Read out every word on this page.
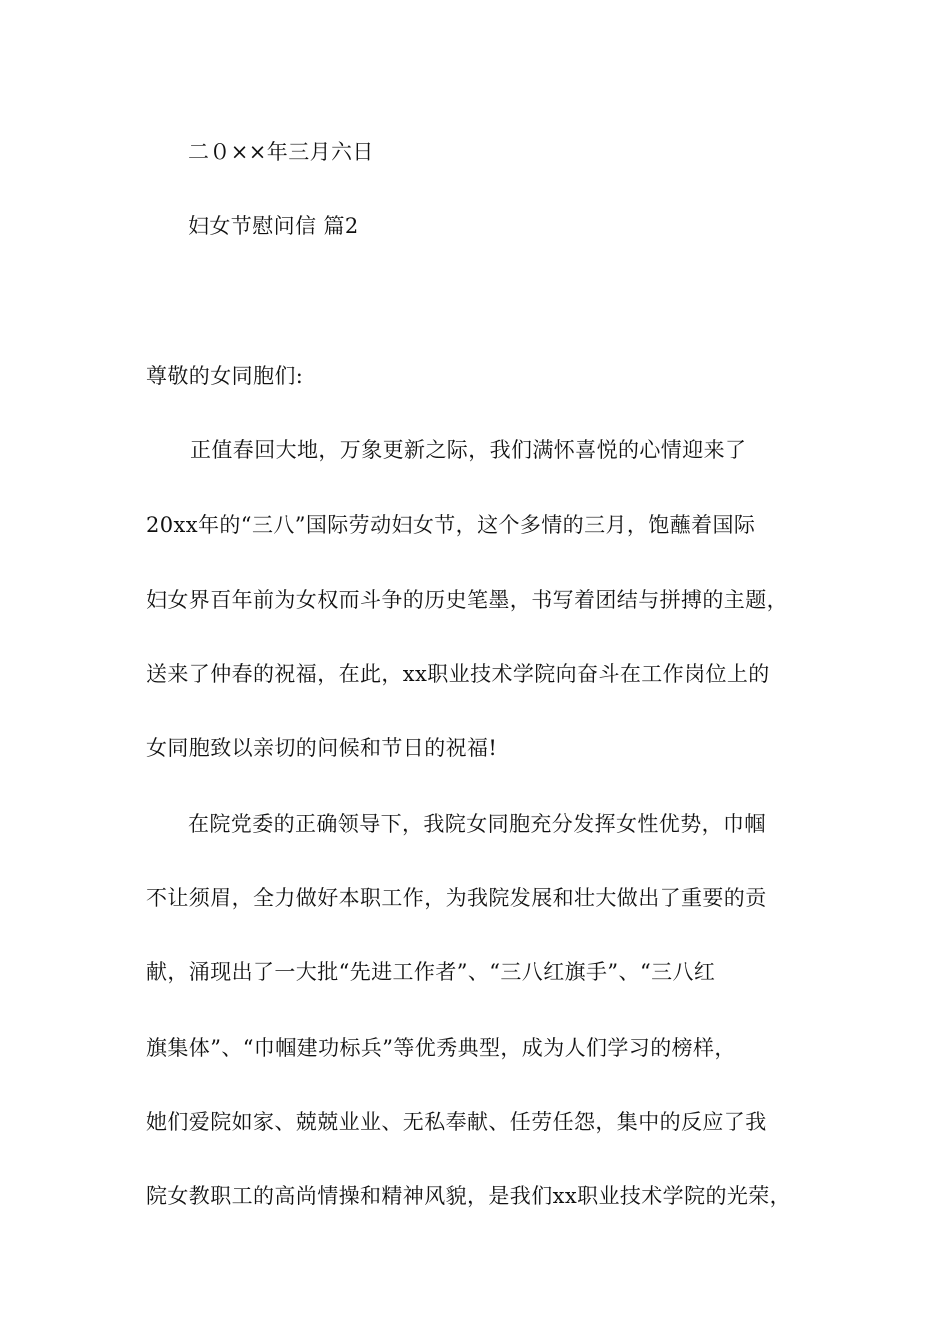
二０××年三月六日
妇女节慰问信 篇2
尊敬的女同胞们:
正值春回大地，万象更新之际，我们满怀喜悦的心情迎来了
20xx年的“三八”国际劳动妇女节，这个多情的三月，饱蘸着国际
妇女界百年前为女权而斗争的历史笔墨，书写着团结与拼搏的主题，
送来了仲春的祝福，在此，xx职业技术学院向奋斗在工作岗位上的
女同胞致以亲切的问候和节日的祝福!
在院党委的正确领导下，我院女同胞充分发挥女性优势，巾帼
不让须眉，全力做好本职工作，为我院发展和壮大做出了重要的贡
献，涌现出了一大批“先进工作者”、“三八红旗手”、“三八红
旗集体”、“巾帼建功标兵”等优秀典型，成为人们学习的榜样，
她们爱院如家、兢兢业业、无私奉献、任劳任怨，集中的反应了我
院女教职工的高尚情操和精神风貌，是我们xx职业技术学院的光荣，
